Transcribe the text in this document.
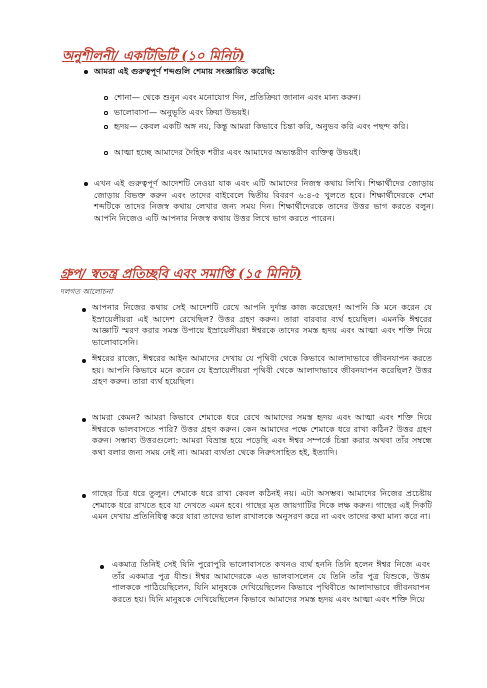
অনুশীলনী/ একটিভিটি (১০ মিনিট)
আমরা এই গুরুত্বপূর্ণ শব্দগুলি শেমায় সংজ্ঞায়িত করেছি:
শোনা— থেকে শুনুন এবং মনোযোগ দিন, প্রতিক্রিয়া জানান এবং মান্য করুন।
ভালোবাসা— অনুভূতি এবং ক্রিয়া উভয়ই।
হৃদয়— কেবল একটি অঙ্গ নয়, কিন্তু আমরা কিভাবে চিন্তা করি, অনুভব করি এবং পছন্দ করি।
আত্মা হচ্ছে আমাদের দৈহিক শরীর এবং আমাদের অভ্যন্তরীণ ব্যক্তিত্ব উভয়ই।
এখন এই গুরুত্বপূর্ণ আদেশটি নেওয়া যাক এবং এটি আমাদের নিজস্ব কথায় লিখি। শিক্ষার্থীদের জোড়ায় জোড়ায় বিভক্ত করুন এবং তাদের বাইবেলে দ্বিতীয় বিবরণ ৬:৪-৫ খুলতে হবে। শিক্ষার্থীদেরকে শেমা শব্দটিকে তাদের নিজস্ব কথায় লেখার জন্য সময় দিন। শিক্ষার্থীদেরকে তাদের উত্তর ভাগ করতে বলুন। আপনি নিজেও এটি আপনার নিজস্ব কথায় উত্তর লিখে ভাগ করতে পারেন।
গ্রুপ/ স্বতন্ত্র প্রতিচ্ছবি এবং সমাপ্তি (১৫ মিনিট)
দলগত আলোচনা
আপনার নিজের কথায় সেই আদেশটি রেখে আপনি দুর্দান্ত কাজ করেছেন! আপনি কি মনে করেন যে ইস্রায়েলীয়রা এই আদেশ রেখেছিল? উত্তর গ্রহণ করুন। তারা বারবার ব্যর্থ হয়েছিল। এমনকি ঈশ্বরের আজ্ঞাটি স্মরণ করার সমস্ত উপায়ে ইস্রায়েলীয়রা ঈশ্বরকে তাদের সমস্ত হৃদয় এবং আত্মা এবং শক্তি দিয়ে ভালোবাসেনি।
ঈশ্বরের রাজ্যে, ঈশ্বরের আইন আমাদের দেখায় যে পৃথিবী থেকে কিভাবে আলাদাভাবে জীবনযাপন করতে হয়। আপনি কিভাবে মনে করেন যে ইস্রায়েলীয়রা পৃথিবী থেকে আলাদাভাবে জীবনযাপন করেছিল? উত্তর গ্রহণ করুন। তারা ব্যর্থ হয়েছিল।
আমরা কেমন? আমরা কিভাবে শেমাকে ধরে রেখে আমাদের সমস্ত হৃদয় এবং আত্মা এবং শক্তি দিয়ে ঈশ্বরকে ভালবাসতে পারি? উত্তর গ্রহণ করুন। কেন আমাদের পক্ষে শেমাকে ধরে রাখা কঠিন? উত্তর গ্রহণ করুন। সম্ভাব্য উত্তরগুলো: আমরা বিভ্রান্ত হয়ে পড়েছি এবং ঈশ্বর সম্পর্কে চিন্তা করার অথবা তাঁর সম্বন্ধে কথা বলার জন্য সময় নেই না। আমরা ব্যর্থতা থেকে নিরুৎসাহিত হই, ইত্যাদি।
গাছের চিত্র ধরে তুলুন। শেমাকে ধরে রাখা কেবল কঠিনই নয়। এটা অসম্ভব। আমাদের নিজের প্রচেষ্টায় শেমাকে ধরে রাখতে হবে যা দেখতে এমন হবে। গাছের মৃত জায়গাটির দিকে লক্ষ করুন। গাছের এই দিকটি এমন দেখায় প্রতিনিধিত্ব করে যারা তাদের ভাল রাখালকে অনুসরণ করে না এবং তাদের কথা মান্য করে না।
একমাত্র তিনিই সেই যিনি পুরোপুরি ভালোবাসতে কখনও ব্যর্থ হননি তিনি হলেন ঈশ্বর নিজে এবং তাঁর একমাত্র পুত্র যীশু। ঈশ্বর আমাদেরকে এত ভালবাসলেন যে তিনি তাঁর পুত্র যিশুকে, উত্তম পালককে পাঠিয়েছিলেন, যিনি মানুষকে দেখিয়েছিলেন কিভাবে পৃথিবীতে আলাদাভাবে জীবনযাপন করতে হয়। যিনি মানুষকে দেখিয়েছিলেন কিভাবে আমাদের সমস্ত হৃদয় এবং আত্মা এবং শক্তি দিয়ে
